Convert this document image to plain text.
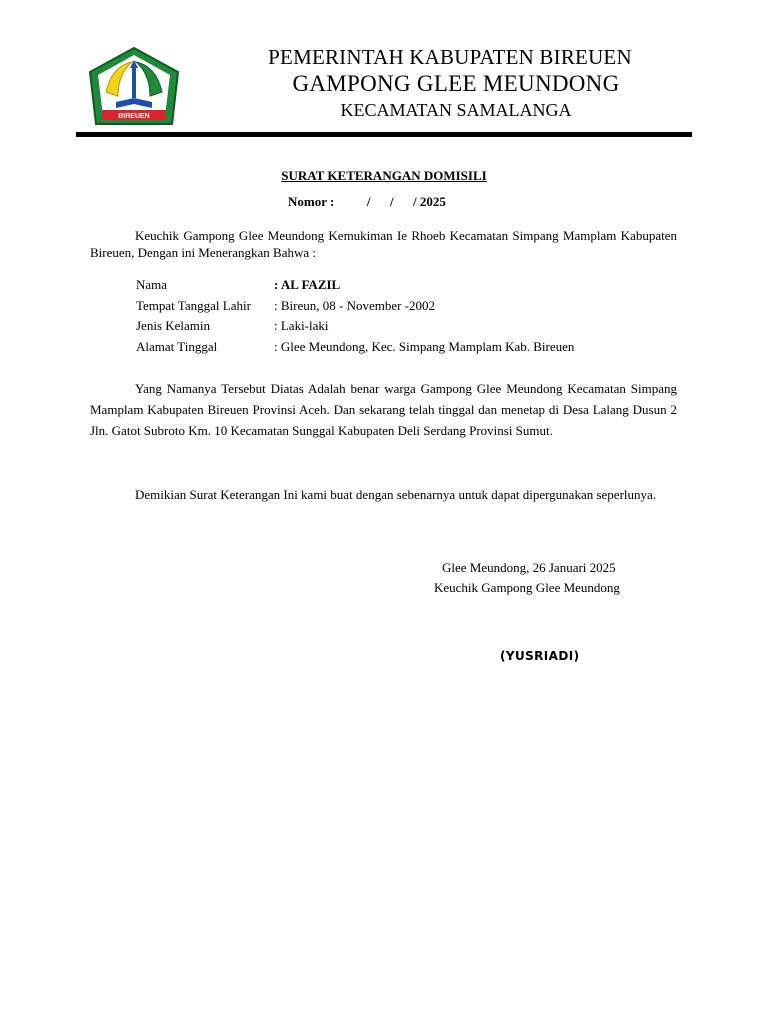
BIREUEN
PEMERINTAH KABUPATEN BIREUEN
GAMPONG GLEE MEUNDONG
KECAMATAN SAMALANGA
SURAT KETERANGAN DOMISILI
Nomor :          /      /      / 2025
Keuchik Gampong Glee Meundong Kemukiman Ie Rhoeb Kecamatan Simpang Mamplam Kabupaten Bireuen, Dengan ini Menerangkan Bahwa :
Nama	: AL FAZIL
Tempat Tanggal Lahir : Bireun, 08 - November -2002
Jenis Kelamin	: Laki-laki
Alamat Tinggal	: Glee Meundong, Kec. Simpang Mamplam Kab. Bireuen
Yang Namanya Tersebut Diatas Adalah benar warga Gampong Glee Meundong Kecamatan Simpang Mamplam Kabupaten Bireuen Provinsi Aceh. Dan sekarang telah tinggal dan menetap di Desa Lalang Dusun 2 Jln. Gatot Subroto Km. 10 Kecamatan Sunggal Kabupaten Deli Serdang Provinsi Sumut.
Demikian Surat Keterangan Ini kami buat dengan sebenarnya untuk dapat dipergunakan seperlunya.
Glee Meundong, 26 Januari 2025
Keuchik Gampong Glee Meundong
(YUSRIADI)
